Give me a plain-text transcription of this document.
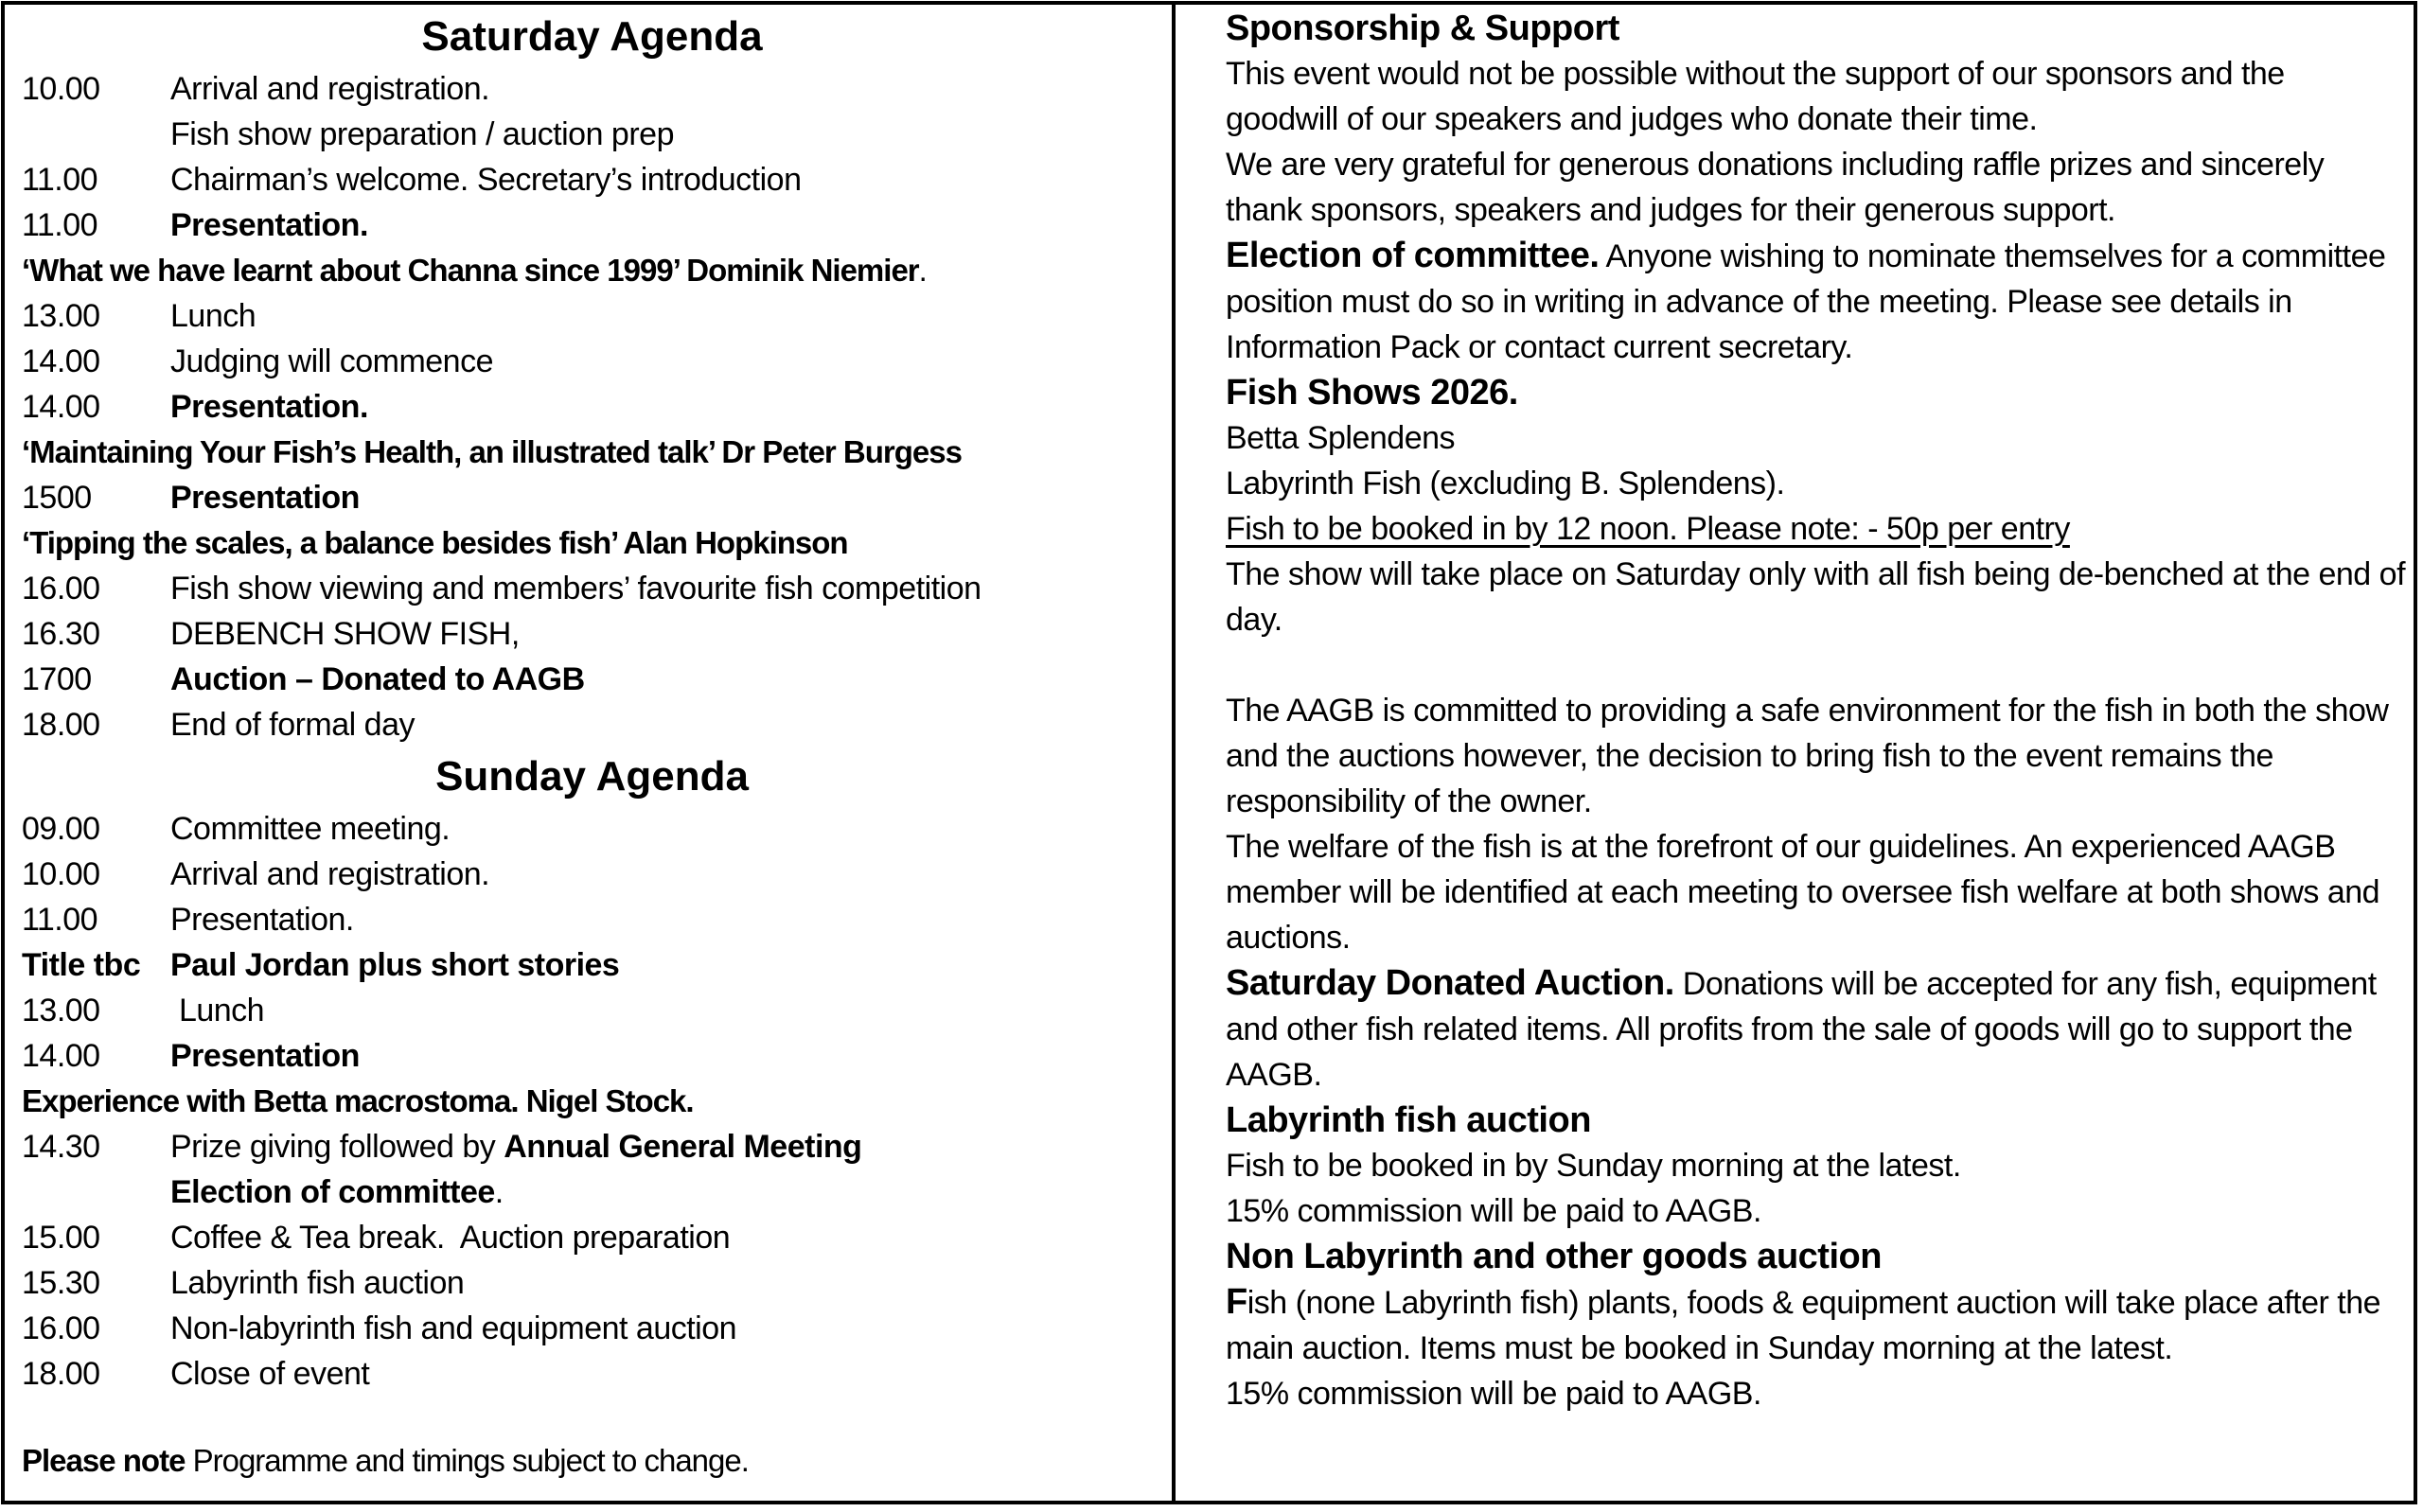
Saturday Agenda
10.00 Arrival and registration.
Fish show preparation / auction prep
11.00 Chairman’s welcome. Secretary’s introduction
11.00 Presentation.
‘What we have learnt about Channa since 1999’ Dominik Niemier.
13.00 Lunch
14.00 Judging will commence
14.00 Presentation.
‘Maintaining Your Fish’s Health, an illustrated talk’ Dr Peter Burgess
1500 Presentation
‘Tipping the scales, a balance besides fish’ Alan Hopkinson
16.00 Fish show viewing and members’ favourite fish competition
16.30 DEBENCH SHOW FISH,
1700 Auction – Donated to AAGB
18.00 End of formal day
Sunday Agenda
09.00 Committee meeting.
10.00 Arrival and registration.
11.00 Presentation.
Title tbc Paul Jordan plus short stories
13.00 Lunch
14.00 Presentation
Experience with Betta macrostoma. Nigel Stock.
14.30 Prize giving followed by Annual General Meeting
Election of committee.
15.00 Coffee & Tea break.  Auction preparation
15.30 Labyrinth fish auction
16.00 Non-labyrinth fish and equipment auction
18.00 Close of event
Please note Programme and timings subject to change.
Sponsorship & Support
This event would not be possible without the support of our sponsors and the goodwill of our speakers and judges who donate their time.
We are very grateful for generous donations including raffle prizes and sincerely thank sponsors, speakers and judges for their generous support.
Election of committee. Anyone wishing to nominate themselves for a committee position must do so in writing in advance of the meeting. Please see details in Information Pack or contact current secretary.
Fish Shows 2026.
Betta Splendens
Labyrinth Fish (excluding B. Splendens).
Fish to be booked in by 12 noon. Please note: - 50p per entry
The show will take place on Saturday only with all fish being de-benched at the end of day.
The AAGB is committed to providing a safe environment for the fish in both the show and the auctions however, the decision to bring fish to the event remains the responsibility of the owner.
The welfare of the fish is at the forefront of our guidelines. An experienced AAGB member will be identified at each meeting to oversee fish welfare at both shows and auctions.
Saturday Donated Auction. Donations will be accepted for any fish, equipment and other fish related items. All profits from the sale of goods will go to support the AAGB.
Labyrinth fish auction
Fish to be booked in by Sunday morning at the latest.
15% commission will be paid to AAGB.
Non Labyrinth and other goods auction
Fish (none Labyrinth fish) plants, foods & equipment auction will take place after the main auction. Items must be booked in Sunday morning at the latest.
15% commission will be paid to AAGB.
